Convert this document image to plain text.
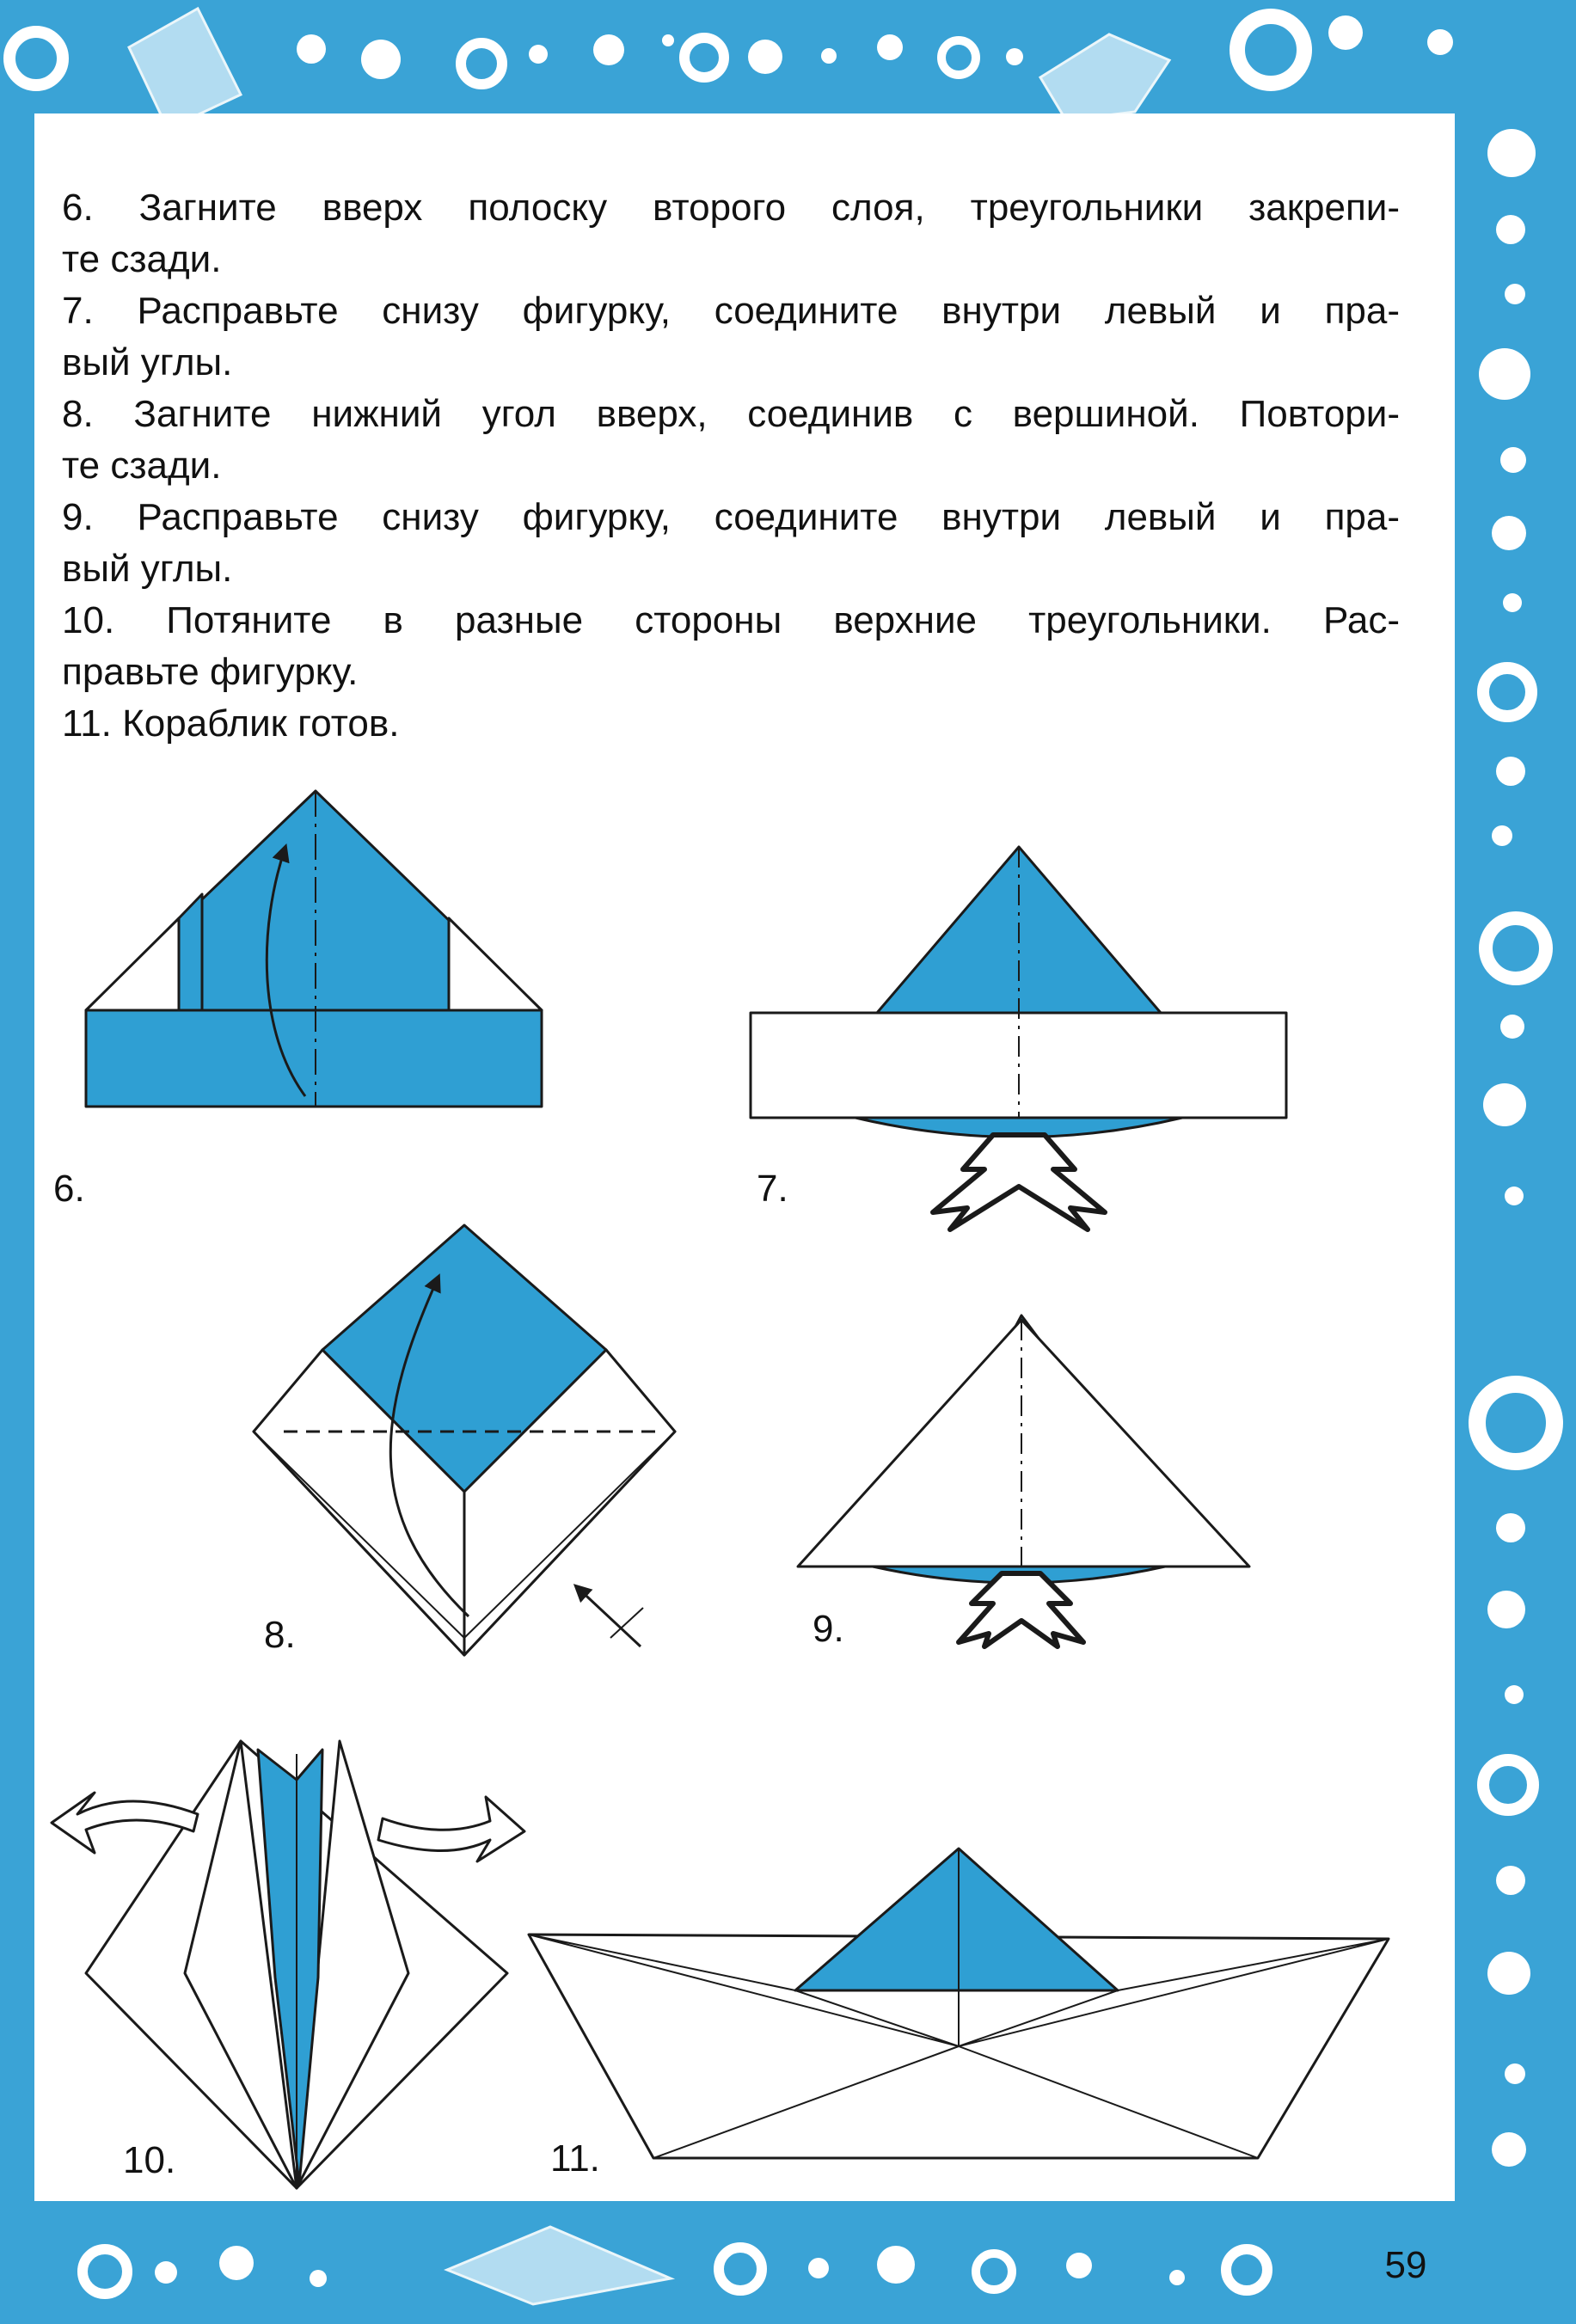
6. Загните вверх полоску второго слоя, треугольники закрепи-
те сзади.
7. Расправьте снизу фигурку, соедините внутри левый и пра-
вый углы.
8. Загните нижний угол вверх, соединив с вершиной. Повтори-
те сзади.
9. Расправьте снизу фигурку, соедините внутри левый и пра-
вый углы.
10. Потяните в разные стороны верхние треугольники. Рас-
правьте фигурку.
11. Кораблик готов.
6.	7.
8.	9.
10.	11.
59
